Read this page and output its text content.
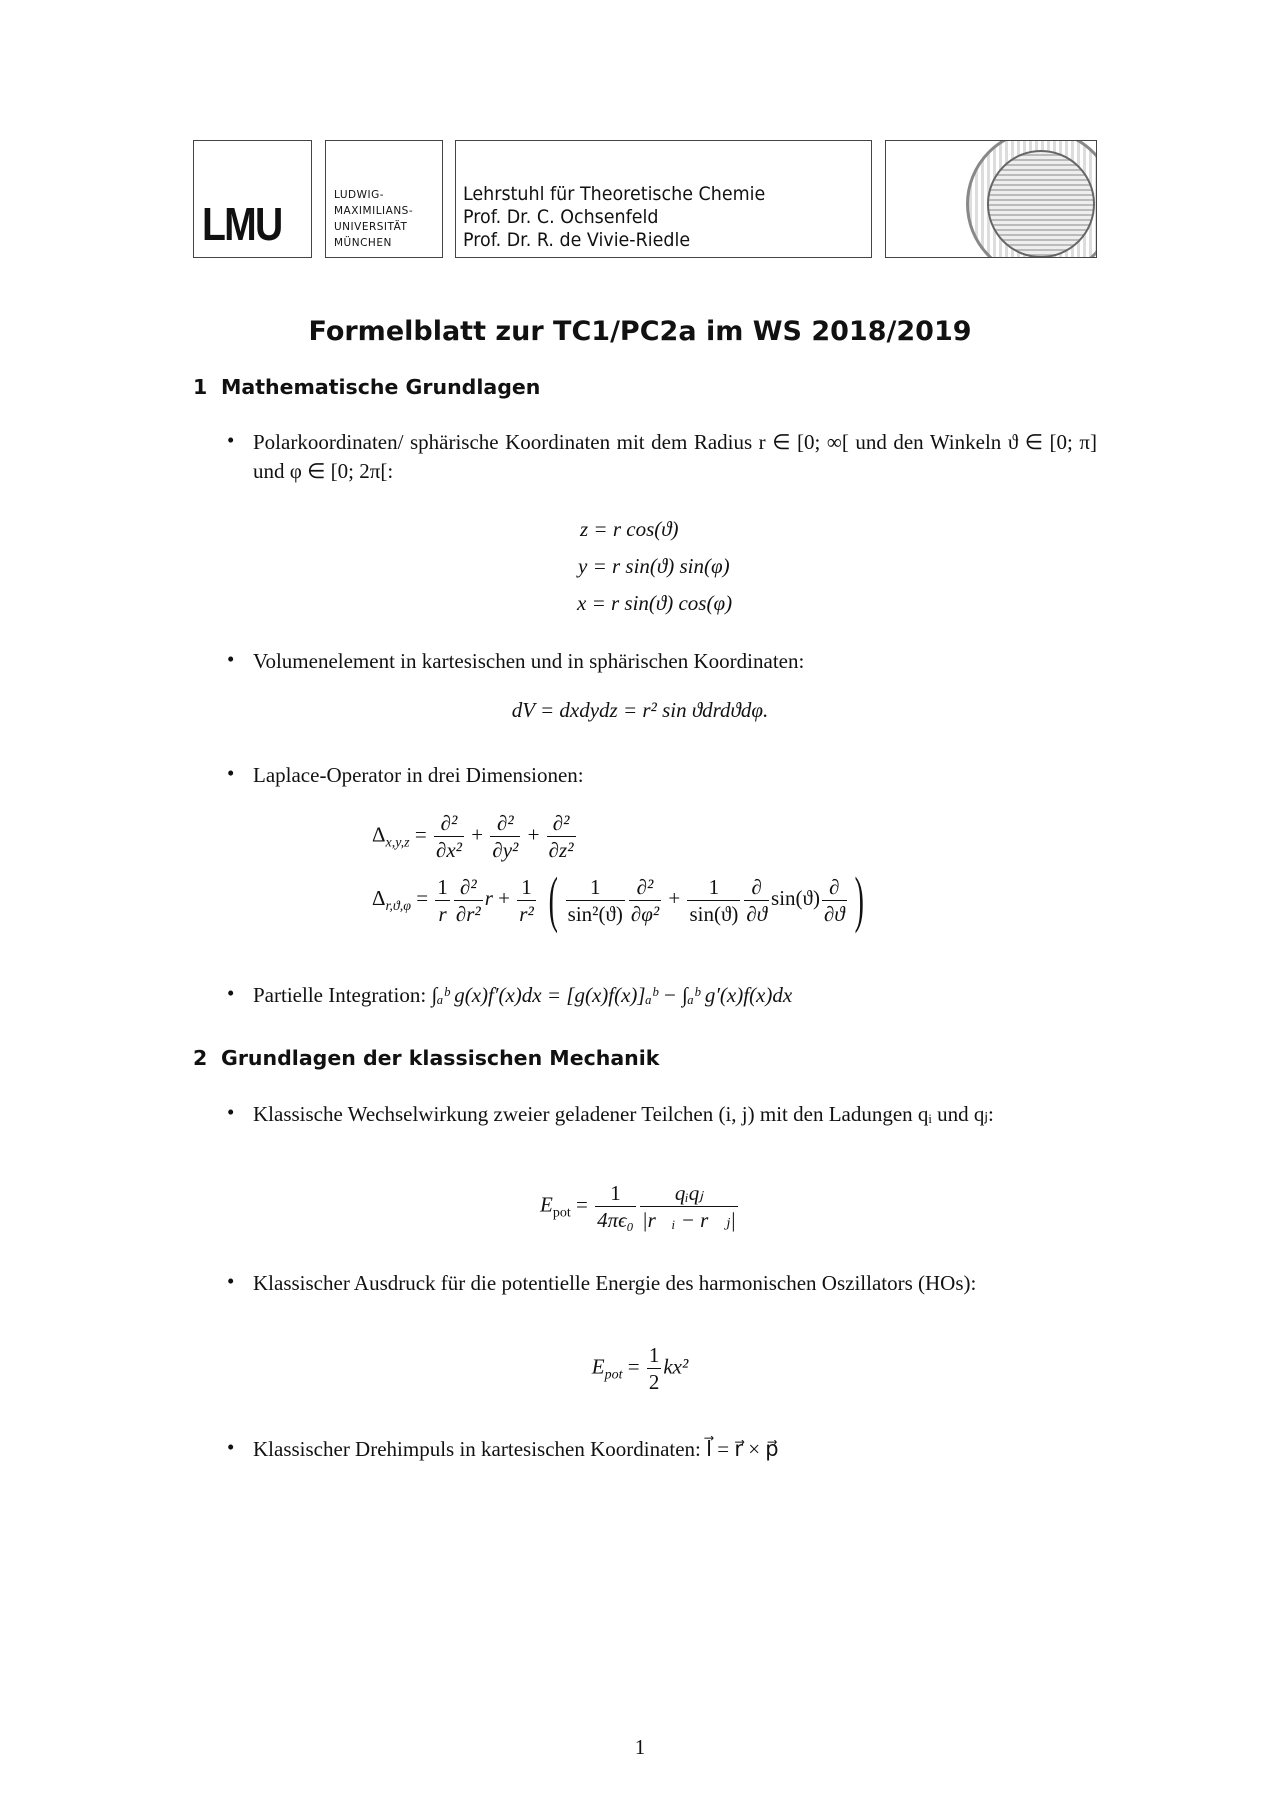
LMU
LUDWIG-
MAXIMILIANS-
UNIVERSITÄT
MÜNCHEN
Lehrstuhl für Theoretische Chemie
Prof. Dr. C. Ochsenfeld
Prof. Dr. R. de Vivie-Riedle
Formelblatt zur TC1/PC2a im WS 2018/2019
1 Mathematische Grundlagen
• Polarkoordinaten/ sphärische Koordinaten mit dem Radius r ∈ [0; ∞[ und den Winkeln ϑ ∈ [0; π] und φ ∈ [0; 2π[:
z = r cos(ϑ)
y = r sin(ϑ) sin(φ)
x = r sin(ϑ) cos(φ)
• Volumenelement in kartesischen und in sphärischen Koordinaten:
dV = dxdydz = r² sin ϑdrdϑdφ.
• Laplace-Operator in drei Dimensionen:
$\Delta_{x,y,z} = \frac{\text{∂²}}{\text{∂x²}} + \frac{\text{∂²}}{\text{∂y²}} + \frac{\text{∂²}}{\text{∂z²}}$
$\Delta_{r,ϑ,\varphi} = \frac{1}{r} \frac{\text{∂²}}{\text{∂r²}}$ $r + \frac{1}{\text{r²}}$ ( $\frac{1}{\text{sin²(ϑ)}} \frac{\text{∂²}}{\text{∂φ²}} + \frac{1}{\sin(ϑ)} \frac{\partial}{\partial ϑ} \sin(ϑ) \frac{\partial}{\partial ϑ}$ )
• Partielle Integration: ∫ₐᵇ g(x)f′(x)dx = [g(x)f(x)]ₐᵇ − ∫ₐᵇ g′(x)f(x)dx
2 Grundlagen der klassischen Mechanik
• Klassische Wechselwirkung zweier geladener Teilchen (i, j) mit den Ladungen qᵢ und qⱼ:
$E_{pot} = \frac{1}{\text{4πϵ₀}} \frac{\text{qᵢqⱼ}}{\text{|r⃗ᵢ − r⃗ⱼ|}}$
• Klassischer Ausdruck für die potentielle Energie des harmonischen Oszillators (HOs):
$E_{pot} = \frac{1}{2} kx^2$
• Klassischer Drehimpuls in kartesischen Koordinaten: l⃗ = r⃗ × p⃗
1
